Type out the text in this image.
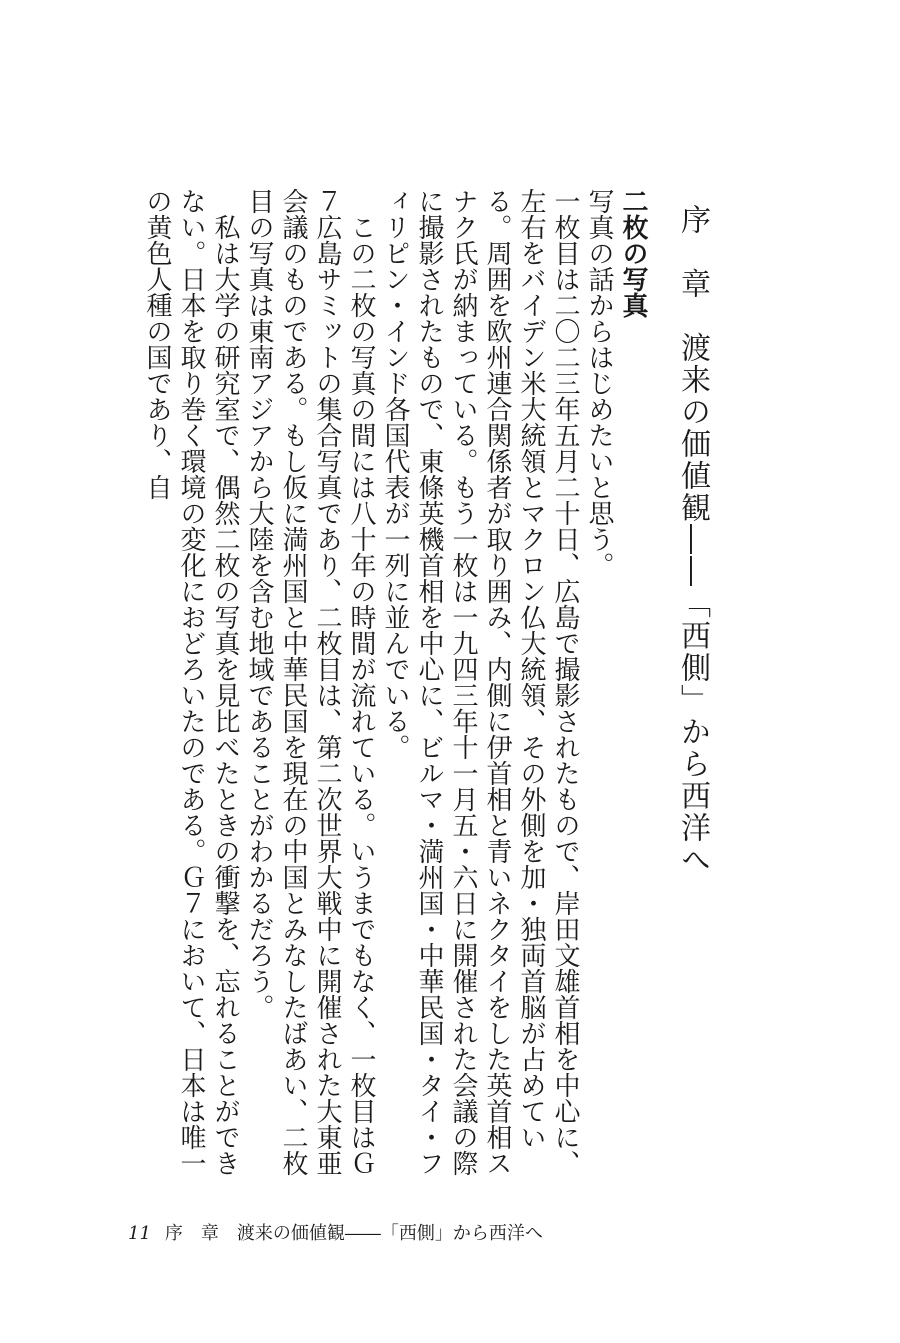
序　章　渡来の価値観――「西側」から西洋へ
二枚の写真

写真の話からはじめたいと思う。

一枚目は二〇二三年五月二十日、広島で撮影されたもので、岸田文雄首相を中心に、左右をバイデン米大統領とマクロン仏大統領、その外側を加・独両首脳が占めている。周囲を欧州連合関係者が取り囲み、内側に伊首相と青いネクタイをした英首相スナク氏が納まっている。もう一枚は一九四三年十一月五・六日に開催された会議の際に撮影されたもので、東條英機首相を中心に、ビルマ・満州国・中華民国・タイ・フィリピン・インド各国代表が一列に並んでいる。

この二枚の写真の間には八十年の時間が流れている。いうまでもなく、一枚目はＧ７広島サミットの集合写真であり、二枚目は、第二次世界大戦中に開催された大東亜会議のものである。もし仮に満州国と中華民国を現在の中国とみなしたばあい、二枚目の写真は東南アジアから大陸を含む地域であることがわかるだろう。

私は大学の研究室で、偶然二枚の写真を見比べたときの衝撃を、忘れることができない。日本を取り巻く環境の変化におどろいたのである。Ｇ７において、日本は唯一の黄色人種の国であり、自

11 序　章　渡来の価値観――「西側」から西洋へ
